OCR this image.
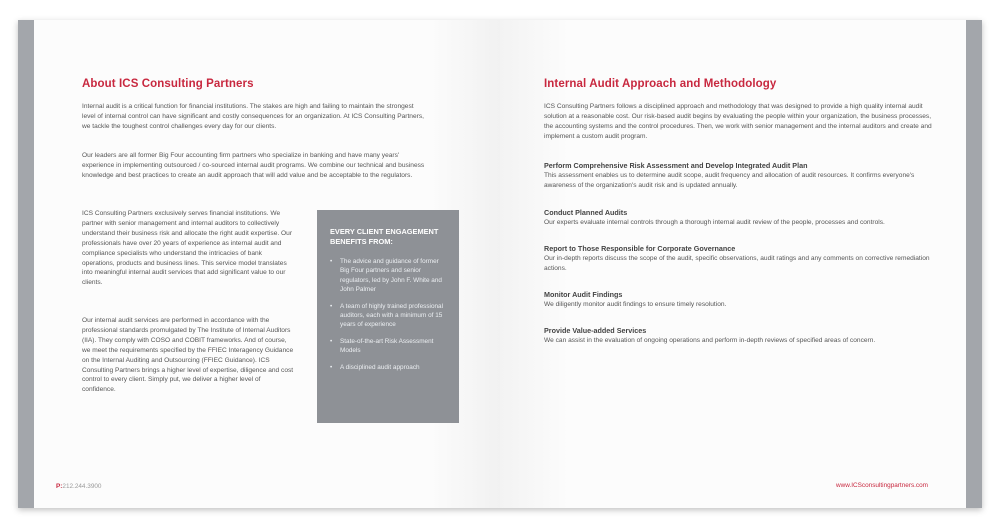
About ICS Consulting Partners

Internal audit is a critical function for financial institutions. The stakes are high and failing to maintain the strongest level of internal control can have significant and costly consequences for an organization. At ICS Consulting Partners, we tackle the toughest control challenges every day for our clients.

Our leaders are all former Big Four accounting firm partners who specialize in banking and have many years' experience in implementing outsourced / co-sourced internal audit programs. We combine our technical and business knowledge and best practices to create an audit approach that will add value and be acceptable to the regulators.

ICS Consulting Partners exclusively serves financial institutions. We partner with senior management and internal auditors to collectively understand their business risk and allocate the right audit expertise. Our professionals have over 20 years of experience as internal audit and compliance specialists who understand the intricacies of bank operations, products and business lines. This service model translates into meaningful internal audit services that add significant value to our clients.

Our internal audit services are performed in accordance with the professional standards promulgated by The Institute of Internal Auditors (IIA). They comply with COSO and COBIT frameworks. And of course, we meet the requirements specified by the FFIEC Interagency Guidance on the Internal Auditing and Outsourcing (FFIEC Guidance). ICS Consulting Partners brings a higher level of expertise, diligence and cost control to every client. Simply put, we deliver a higher level of confidence.

P:212.244.3900
EVERY CLIENT ENGAGEMENT BENEFITS FROM:
• The advice and guidance of former Big Four partners and senior regulators, led by John F. White and John Palmer
• A team of highly trained professional auditors, each with a minimum of 15 years of experience
• State-of-the-art Risk Assessment Models
• A disciplined audit approach
Internal Audit Approach and Methodology

ICS Consulting Partners follows a disciplined approach and methodology that was designed to provide a high quality internal audit solution at a reasonable cost. Our risk-based audit begins by evaluating the people within your organization, the business processes, the accounting systems and the control procedures. Then, we work with senior management and the internal auditors and create and implement a custom audit program.

Perform Comprehensive Risk Assessment and Develop Integrated Audit Plan

This assessment enables us to determine audit scope, audit frequency and allocation of audit resources. It confirms everyone's awareness of the organization's audit risk and is updated annually.

Conduct Planned Audits

Our experts evaluate internal controls through a thorough internal audit review of the people, processes and controls.

Report to Those Responsible for Corporate Governance

Our in-depth reports discuss the scope of the audit, specific observations, audit ratings and any comments on corrective remediation actions.

Monitor Audit Findings

We diligently monitor audit findings to ensure timely resolution.

Provide Value-added Services

We can assist in the evaluation of ongoing operations and perform in-depth reviews of specified areas of concern.

www.ICSconsultingpartners.com
